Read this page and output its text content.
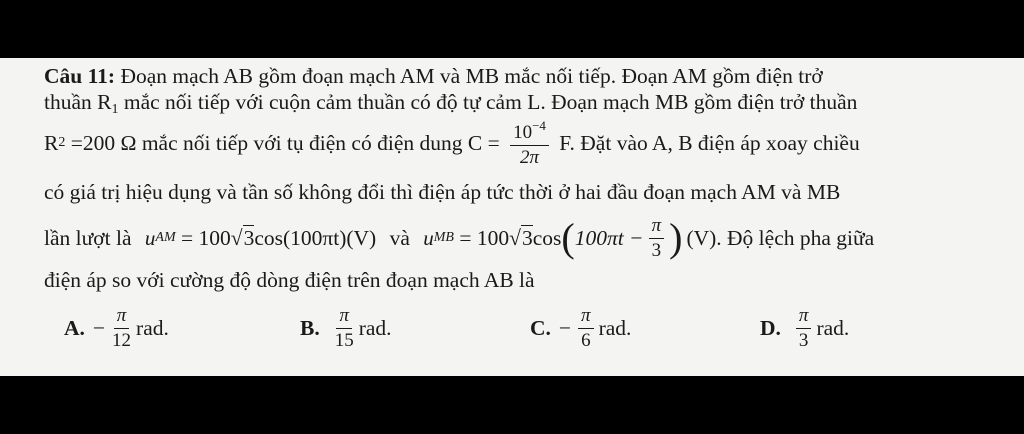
Câu 11: Đoạn mạch AB gồm đoạn mạch AM và MB mắc nối tiếp. Đoạn AM gồm điện trở
thuần $R_1$ mắc nối tiếp với cuộn cảm thuần có độ tự cảm L. Đoạn mạch MB gồm điện trở thuần
R 2 =200 Ω mắc nối tiếp với tụ điện có điện dung $C = \frac{10^{-4}}{2\pi} F$. Đặt vào A, B điện áp xoay chiều
có giá trị hiệu dụng và tần số không đổi thì điện áp tức thời ở hai đầu đoạn mạch AM và MB
lần lượt là u AM = 100 √3 cos(100πt)(V) và u MB = 100 √3 cos ( $100\pi t - \frac{\pi}{3}$ ) (V). Độ lệch pha giữa
điện áp so với cường độ dòng điện trên đoạn mạch AB là
A. − $\frac{\pi}{12}$ rad.	B. $\frac{\pi}{15}$ rad.	C. − $\frac{\pi}{6}$ rad.	D. $\frac{\pi}{3}$ rad.
